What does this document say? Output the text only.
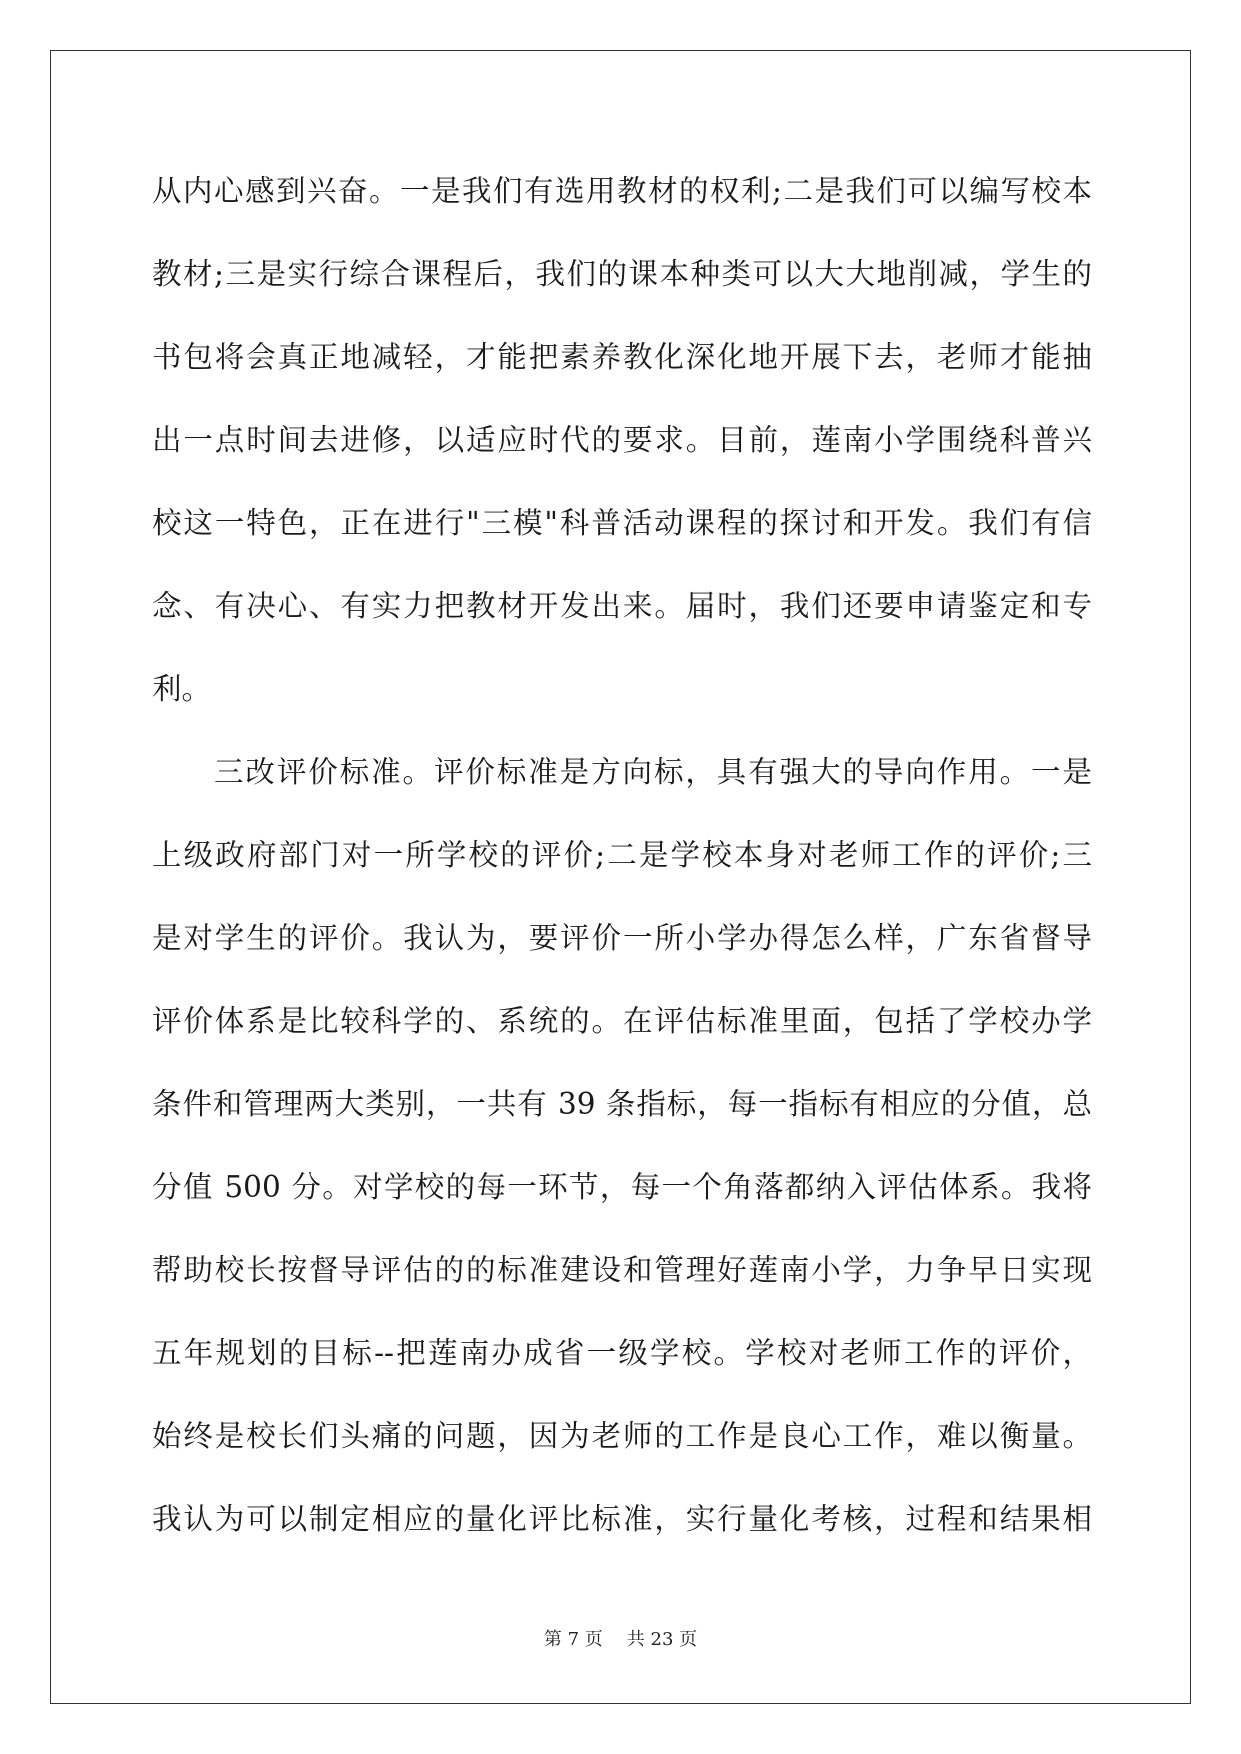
从内心感到兴奋。一是我们有选用教材的权利;二是我们可以编写校本
教材;三是实行综合课程后，我们的课本种类可以大大地削减，学生的
书包将会真正地减轻，才能把素养教化深化地开展下去，老师才能抽
出一点时间去进修，以适应时代的要求。目前，莲南小学围绕科普兴
校这一特色，正在进行"三模"科普活动课程的探讨和开发。我们有信
念、有决心、有实力把教材开发出来。届时，我们还要申请鉴定和专
利。
三改评价标准。评价标准是方向标，具有强大的导向作用。一是
上级政府部门对一所学校的评价;二是学校本身对老师工作的评价;三
是对学生的评价。我认为，要评价一所小学办得怎么样，广东省督导
评价体系是比较科学的、系统的。在评估标准里面，包括了学校办学
条件和管理两大类别，一共有 39 条指标，每一指标有相应的分值，总
分值 500 分。对学校的每一环节，每一个角落都纳入评估体系。我将
帮助校长按督导评估的的标准建设和管理好莲南小学，力争早日实现
五年规划的目标--把莲南办成省一级学校。学校对老师工作的评价，
始终是校长们头痛的问题，因为老师的工作是良心工作，难以衡量。
我认为可以制定相应的量化评比标准，实行量化考核，过程和结果相
第 7 页 共 23 页
